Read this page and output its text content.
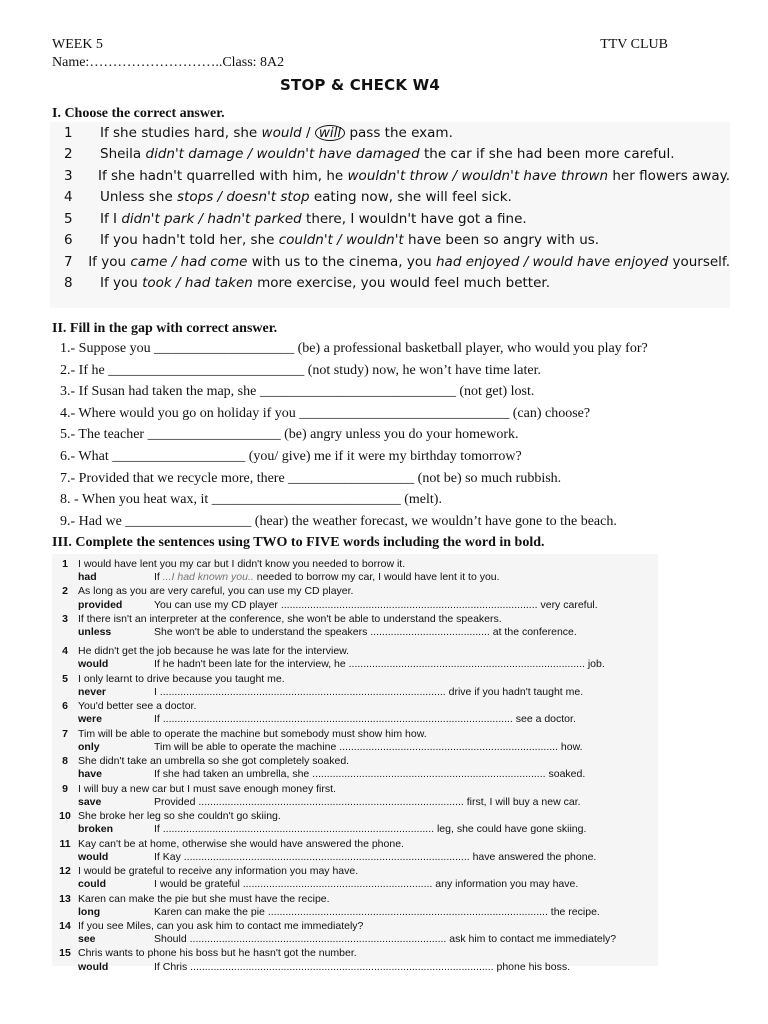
WEEK 5	TTV CLUB
Name:………………………..Class: 8A2
STOP & CHECK W4
I. Choose the correct answer.
1	If she studies hard, she would / will pass the exam.
2	Sheila didn't damage / wouldn't have damaged the car if she had been more careful.
3	If she hadn't quarrelled with him, he wouldn't throw / wouldn't have thrown her flowers away.
4	Unless she stops / doesn't stop eating now, she will feel sick.
5	If I didn't park / hadn't parked there, I wouldn't have got a fine.
6	If you hadn't told her, she couldn't / wouldn't have been so angry with us.
7	If you came / had come with us to the cinema, you had enjoyed / would have enjoyed yourself.
8	If you took / had taken more exercise, you would feel much better.
II. Fill in the gap with correct answer.
1.- Suppose you ____________________ (be) a professional basketball player, who would you play for?
2.- If he ____________________________ (not study) now, he won’t have time later.
3.- If Susan had taken the map, she ____________________________ (not get) lost.
4.- Where would you go on holiday if you ______________________________ (can) choose?
5.- The teacher ___________________ (be) angry unless you do your homework.
6.- What ___________________ (you/ give) me if it were my birthday tomorrow?
7.- Provided that we recycle more, there __________________ (not be) so much rubbish.
8. - When you heat wax, it ___________________________ (melt).
9.- Had we __________________ (hear) the weather forecast, we wouldn’t have gone to the beach.
III. Complete the sentences using TWO to FIVE words including the word in bold.
1 I would have lent you my car but I didn't know you needed to borrow it.
had	If ...I had known you.. needed to borrow my car, I would have lent it to you.
2 As long as you are very careful, you can use my CD player.
provided	You can use my CD player ........................................................................................ very careful.
3 If there isn't an interpreter at the conference, she won't be able to understand the speakers.
unless	She won't be able to understand the speakers ......................................... at the conference.
4 He didn't get the job because he was late for the interview.
would	If he hadn't been late for the interview, he ................................................................................. job.
5 I only learnt to drive because you taught me.
never	I .................................................................................................. drive if you hadn't taught me.
6 You'd better see a doctor.
were	If ........................................................................................................................ see a doctor.
7 Tim will be able to operate the machine but somebody must show him how.
only	Tim will be able to operate the machine ........................................................................... how.
8 She didn't take an umbrella so she got completely soaked.
have	If she had taken an umbrella, she ................................................................................ soaked.
9 I will buy a new car but I must save enough money first.
save	Provided ........................................................................................... first, I will buy a new car.
10 She broke her leg so she couldn't go skiing.
broken	If ............................................................................................. leg, she could have gone skiing.
11 Kay can't be at home, otherwise she would have answered the phone.
would	If Kay .................................................................................................. have answered the phone.
12 I would be grateful to receive any information you may have.
could	I would be grateful ................................................................. any information you may have.
13 Karen can make the pie but she must have the recipe.
long	Karen can make the pie ................................................................................................ the recipe.
14 If you see Miles, can you ask him to contact me immediately?
see	Should ........................................................................................ ask him to contact me immediately?
15 Chris wants to phone his boss but he hasn't got the number.
would	If Chris ........................................................................................................ phone his boss.
